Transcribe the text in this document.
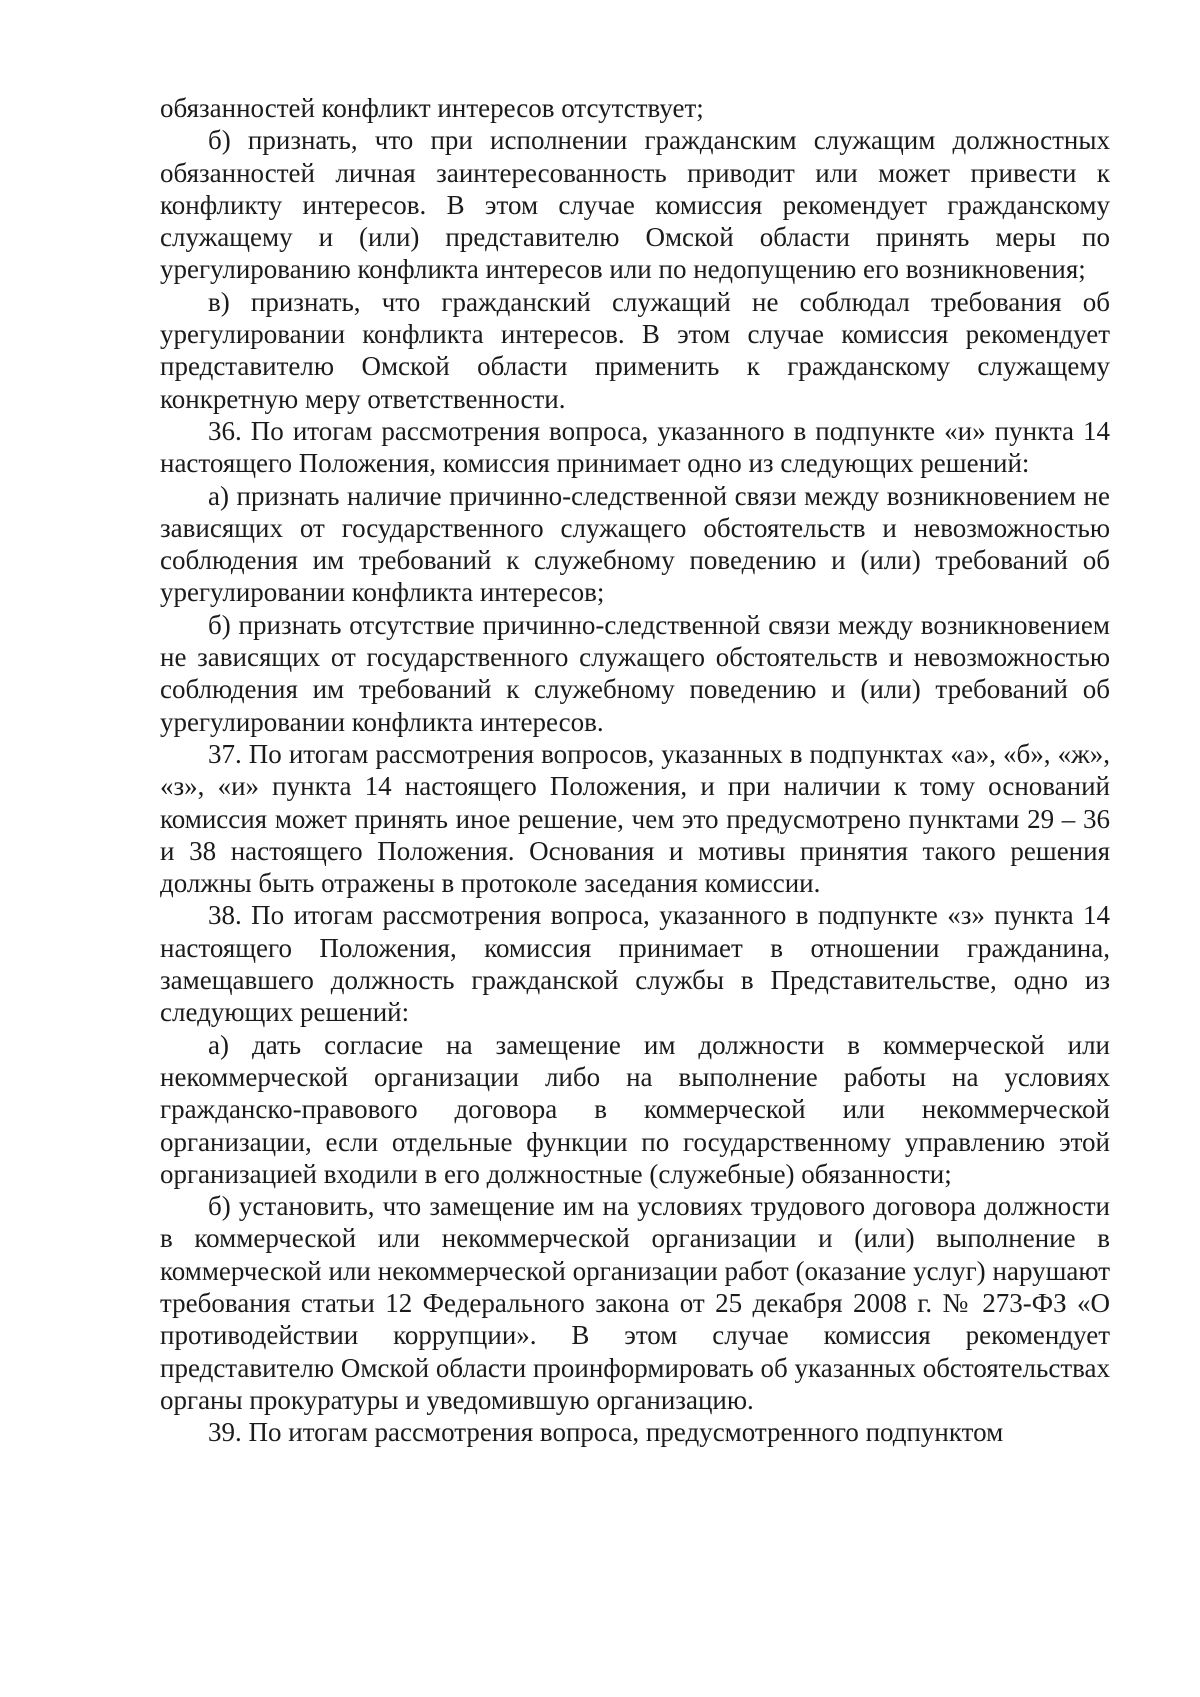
обязанностей конфликт интересов отсутствует;

б) признать, что при исполнении гражданским служащим должностных обязанностей личная заинтересованность приводит или может привести к конфликту интересов. В этом случае комиссия рекомендует гражданскому служащему и (или) представителю Омской области принять меры по урегулированию конфликта интересов или по недопущению его возникновения;

в) признать, что гражданский служащий не соблюдал требования об урегулировании конфликта интересов. В этом случае комиссия рекомендует представителю Омской области применить к гражданскому служащему конкретную меру ответственности.

36. По итогам рассмотрения вопроса, указанного в подпункте «и» пункта 14 настоящего Положения, комиссия принимает одно из следующих решений:

а) признать наличие причинно-следственной связи между возникновением не зависящих от государственного служащего обстоятельств и невозможностью соблюдения им требований к служебному поведению и (или) требований об урегулировании конфликта интересов;

б) признать отсутствие причинно-следственной связи между возникновением не зависящих от государственного служащего обстоятельств и невозможностью соблюдения им требований к служебному поведению и (или) требований об урегулировании конфликта интересов.

37. По итогам рассмотрения вопросов, указанных в подпунктах «а», «б», «ж», «з», «и» пункта 14 настоящего Положения, и при наличии к тому оснований комиссия может принять иное решение, чем это предусмотрено пунктами 29 – 36 и 38 настоящего Положения. Основания и мотивы принятия такого решения должны быть отражены в протоколе заседания комиссии.

38. По итогам рассмотрения вопроса, указанного в подпункте «з» пункта 14 настоящего Положения, комиссия принимает в отношении гражданина, замещавшего должность гражданской службы в Представительстве, одно из следующих решений:

а) дать согласие на замещение им должности в коммерческой или некоммерческой организации либо на выполнение работы на условиях гражданско-правового договора в коммерческой или некоммерческой организации, если отдельные функции по государственному управлению этой организацией входили в его должностные (служебные) обязанности;

б) установить, что замещение им на условиях трудового договора должности в коммерческой или некоммерческой организации и (или) выполнение в коммерческой или некоммерческой организации работ (оказание услуг) нарушают требования статьи 12 Федерального закона от 25 декабря 2008 г. № 273-ФЗ «О противодействии коррупции». В этом случае комиссия рекомендует представителю Омской области проинформировать об указанных обстоятельствах органы прокуратуры и уведомившую организацию.

39. По итогам рассмотрения вопроса, предусмотренного подпунктом
